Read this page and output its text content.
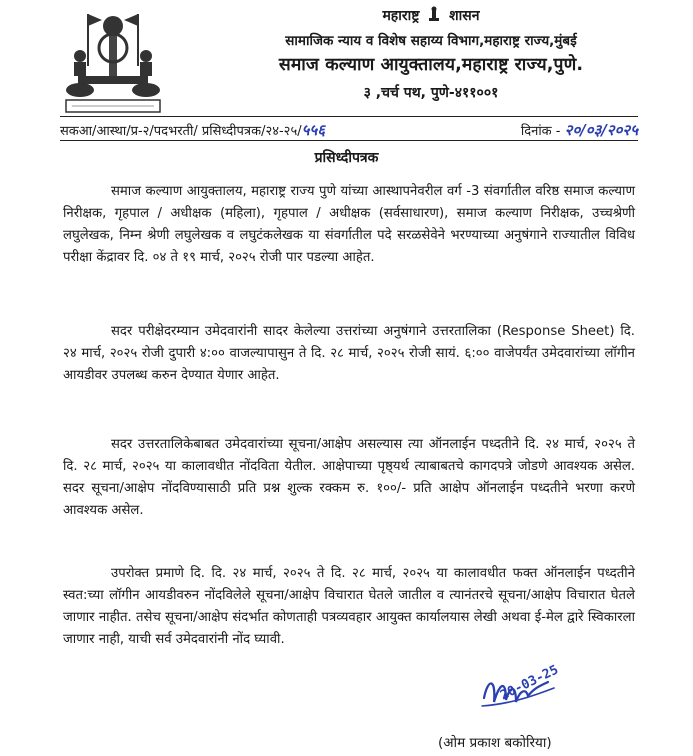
महाराष्ट्र शासन
सामाजिक न्याय व विशेष सहाय्य विभाग,महाराष्ट्र राज्य,मुंबई
समाज कल्याण आयुक्तालय,महाराष्ट्र राज्य,पुणे.
३ ,चर्च पथ, पुणे-४११००१
सकआ/आस्था/प्र-२/पदभरती/ प्रसिध्दीपत्रक/२४-२५/५५६	दिनांक - २०/०३/२०२५
प्रसिध्दीपत्रक
समाज कल्याण आयुक्तालय, महाराष्ट्र राज्य पुणे यांच्या आस्थापनेवरील वर्ग -3 संवर्गातील वरिष्ठ समाज कल्याण निरीक्षक, गृहपाल / अधीक्षक (महिला), गृहपाल / अधीक्षक (सर्वसाधारण), समाज कल्याण निरीक्षक, उच्चश्रेणी लघुलेखक, निम्न श्रेणी लघुलेखक व लघुटंकलेखक या संवर्गातील पदे सरळसेवेने भरण्याच्या अनुषंगाने राज्यातील विविध परीक्षा केंद्रावर दि. ०४ ते १९ मार्च, २०२५ रोजी पार पडल्या आहेत.
सदर परीक्षेदरम्यान उमेदवारांनी सादर केलेल्या उत्तरांच्या अनुषंगाने उत्तरतालिका (Response Sheet) दि. २४ मार्च, २०२५ रोजी दुपारी ४:०० वाजल्यापासुन ते दि. २८ मार्च, २०२५ रोजी सायं. ६:०० वाजेपर्यंत उमेदवारांच्या लॉगीन आयडीवर उपलब्ध करुन देण्यात येणार आहेत.
सदर उत्तरतालिकेबाबत उमेदवारांच्या सूचना/आक्षेप असल्यास त्या ऑनलाईन पध्दतीने दि. २४ मार्च, २०२५ ते दि. २८ मार्च, २०२५ या कालावधीत नोंदविता येतील. आक्षेपाच्या पृष्ठ्यर्थ त्याबाबतचे कागदपत्रे जोडणे आवश्यक असेल. सदर सूचना/आक्षेप नोंदविण्यासाठी प्रति प्रश्न शुल्क रक्कम रु. १००/- प्रति आक्षेप ऑनलाईन पध्दतीने भरणा करणे आवश्यक असेल.
उपरोक्त प्रमाणे दि. दि. २४ मार्च, २०२५ ते दि. २८ मार्च, २०२५ या कालावधीत फक्त ऑनलाईन पध्दतीने स्वत:च्या लॉगीन आयडीवरुन नोंदविलेले सूचना/आक्षेप विचारात घेतले जातील व त्यानंतरचे सूचना/आक्षेप विचारात घेतले जाणार नाहीत. तसेच सूचना/आक्षेप संदर्भात कोणताही पत्रव्यवहार आयुक्त कार्यालयास लेखी अथवा ई-मेल द्वारे स्विकारला जाणार नाही, याची सर्व उमेदवारांनी नोंद घ्यावी.
20-03-25
(ओम प्रकाश बकोरिया)
